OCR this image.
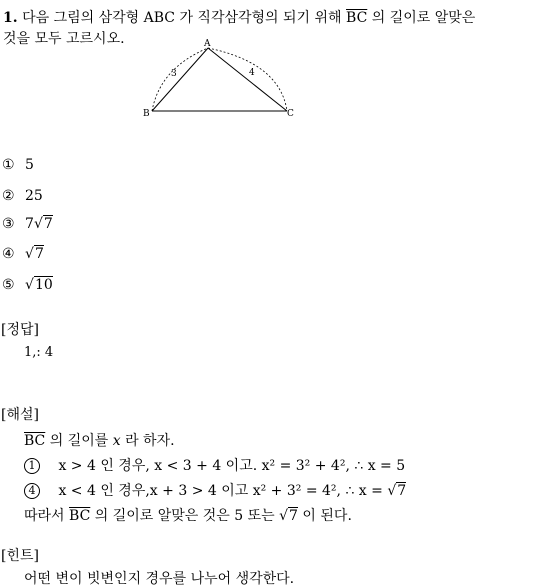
1. 다음 그림의 삼각형 ABC 가 직각삼각형의 되기 위해 $\overline{BC}$ 의 길이로 알맞은
것을 모두 고르시오.	A
B	C
3	4
① 5
② 25
③ 7√7
④ √7
⑤ √10
[정답]
1,: 4
[해설]
$\overline{BC}$ 의 길이를 x 라 하자.
1 x > 4 인 경우, x < 3 + 4 이고. x² = 3² + 4², ∴ x = 5
4 x < 4 인 경우,x + 3 > 4 이고 x² + 3² = 4², ∴ x = √7
따라서 $\overline{BC}$ 의 길이로 알맞은 것은 5 또는 √7 이 된다.
[힌트]
어떤 변이 빗변인지 경우를 나누어 생각한다.
